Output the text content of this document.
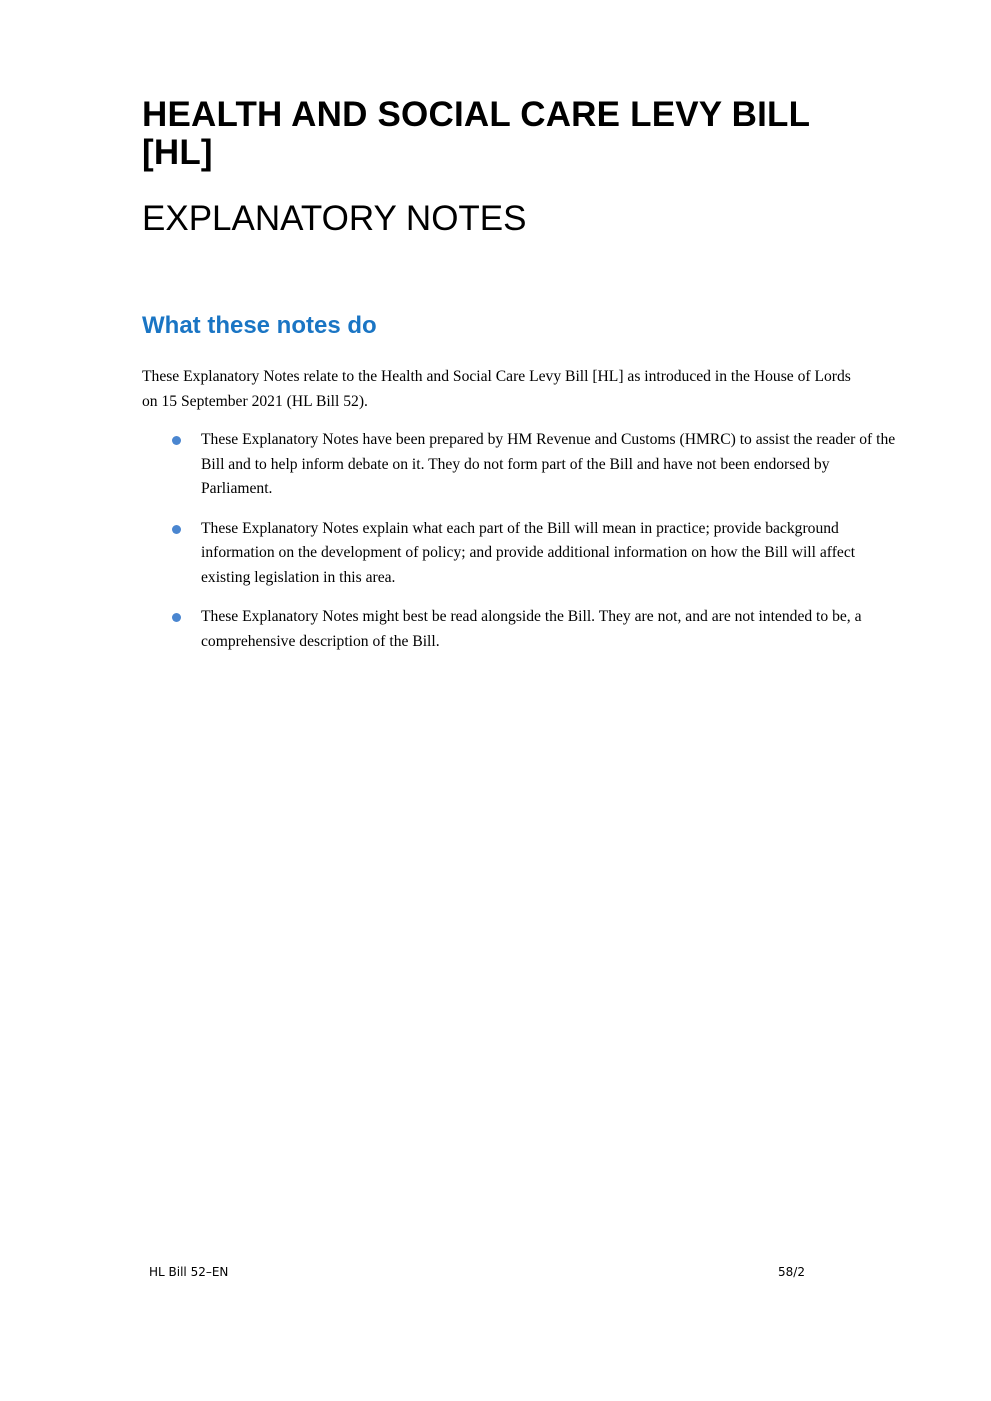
HEALTH AND SOCIAL CARE LEVY BILL [HL]
EXPLANATORY NOTES
What these notes do

These Explanatory Notes relate to the Health and Social Care Levy Bill [HL] as introduced in the House of Lords on 15 September 2021 (HL Bill 52).

These Explanatory Notes have been prepared by HM Revenue and Customs (HMRC) to assist the reader of the Bill and to help inform debate on it. They do not form part of the Bill and have not been endorsed by Parliament.
These Explanatory Notes explain what each part of the Bill will mean in practice; provide background information on the development of policy; and provide additional information on how the Bill will affect existing legislation in this area.
These Explanatory Notes might best be read alongside the Bill. They are not, and are not intended to be, a comprehensive description of the Bill.
HL Bill 52–EN	58/2
